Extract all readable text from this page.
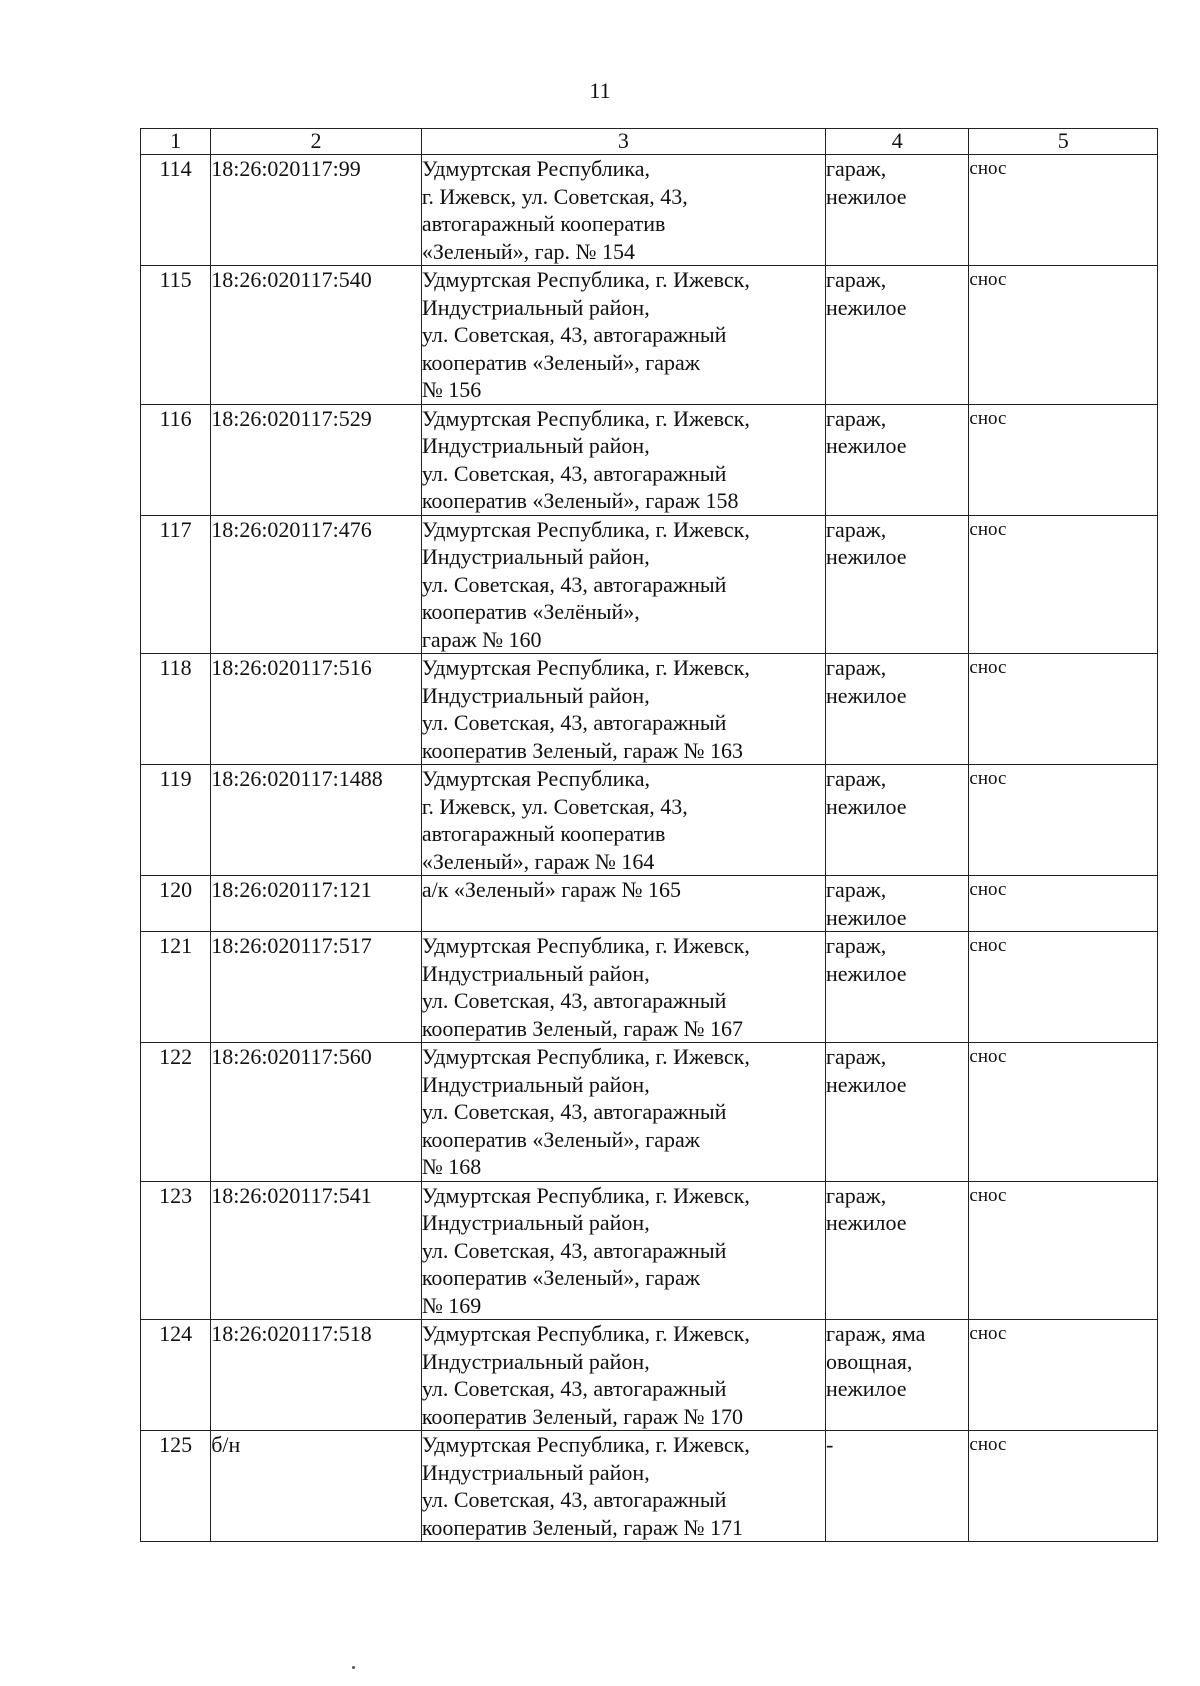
11
1	2	3	4	5
114	18:26:020117:99	Удмуртская Республика,
г. Ижевск, ул. Советская, 43,
автогаражный кооператив
«Зеленый», гар. № 154	гараж,
нежилое	снос
115	18:26:020117:540	Удмуртская Республика, г. Ижевск,
Индустриальный район,
ул. Советская, 43, автогаражный
кооператив «Зеленый», гараж
№ 156	гараж,
нежилое	снос
116	18:26:020117:529	Удмуртская Республика, г. Ижевск,
Индустриальный район,
ул. Советская, 43, автогаражный
кооператив «Зеленый», гараж 158	гараж,
нежилое	снос
117	18:26:020117:476	Удмуртская Республика, г. Ижевск,
Индустриальный район,
ул. Советская, 43, автогаражный
кооператив «Зелёный»,
гараж № 160	гараж,
нежилое	снос
118	18:26:020117:516	Удмуртская Республика, г. Ижевск,
Индустриальный район,
ул. Советская, 43, автогаражный
кооператив Зеленый, гараж № 163	гараж,
нежилое	снос
119	18:26:020117:1488	Удмуртская Республика,
г. Ижевск, ул. Советская, 43,
автогаражный кооператив
«Зеленый», гараж № 164	гараж,
нежилое	снос
120	18:26:020117:121	а/к «Зеленый» гараж № 165	гараж,
нежилое	снос
121	18:26:020117:517	Удмуртская Республика, г. Ижевск,
Индустриальный район,
ул. Советская, 43, автогаражный
кооператив Зеленый, гараж № 167	гараж,
нежилое	снос
122	18:26:020117:560	Удмуртская Республика, г. Ижевск,
Индустриальный район,
ул. Советская, 43, автогаражный
кооператив «Зеленый», гараж
№ 168	гараж,
нежилое	снос
123	18:26:020117:541	Удмуртская Республика, г. Ижевск,
Индустриальный район,
ул. Советская, 43, автогаражный
кооператив «Зеленый», гараж
№ 169	гараж,
нежилое	снос
124	18:26:020117:518	Удмуртская Республика, г. Ижевск,
Индустриальный район,
ул. Советская, 43, автогаражный
кооператив Зеленый, гараж № 170	гараж, яма
овощная,
нежилое	снос
125	б/н	Удмуртская Республика, г. Ижевск,
Индустриальный район,
ул. Советская, 43, автогаражный
кооператив Зеленый, гараж № 171	-	снос
